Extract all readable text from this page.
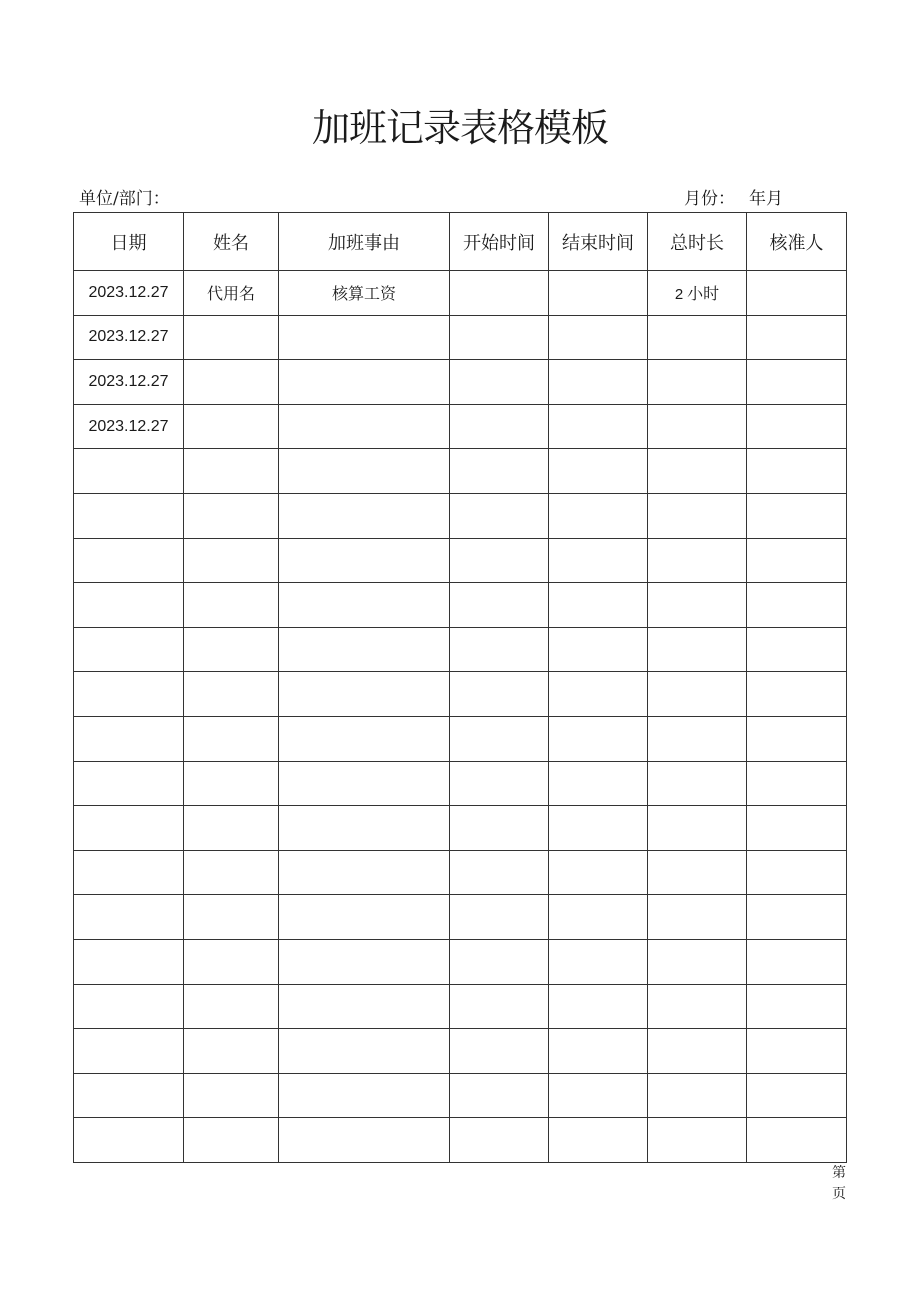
加班记录表格模板
单位/部门：	月份： 年月
日期	姓名	加班事由	开始时间	结束时间	总时长	核准人
2023.12.27	代用名	核算工资			2 小时	
2023.12.27						
2023.12.27						
2023.12.27						

第
页
